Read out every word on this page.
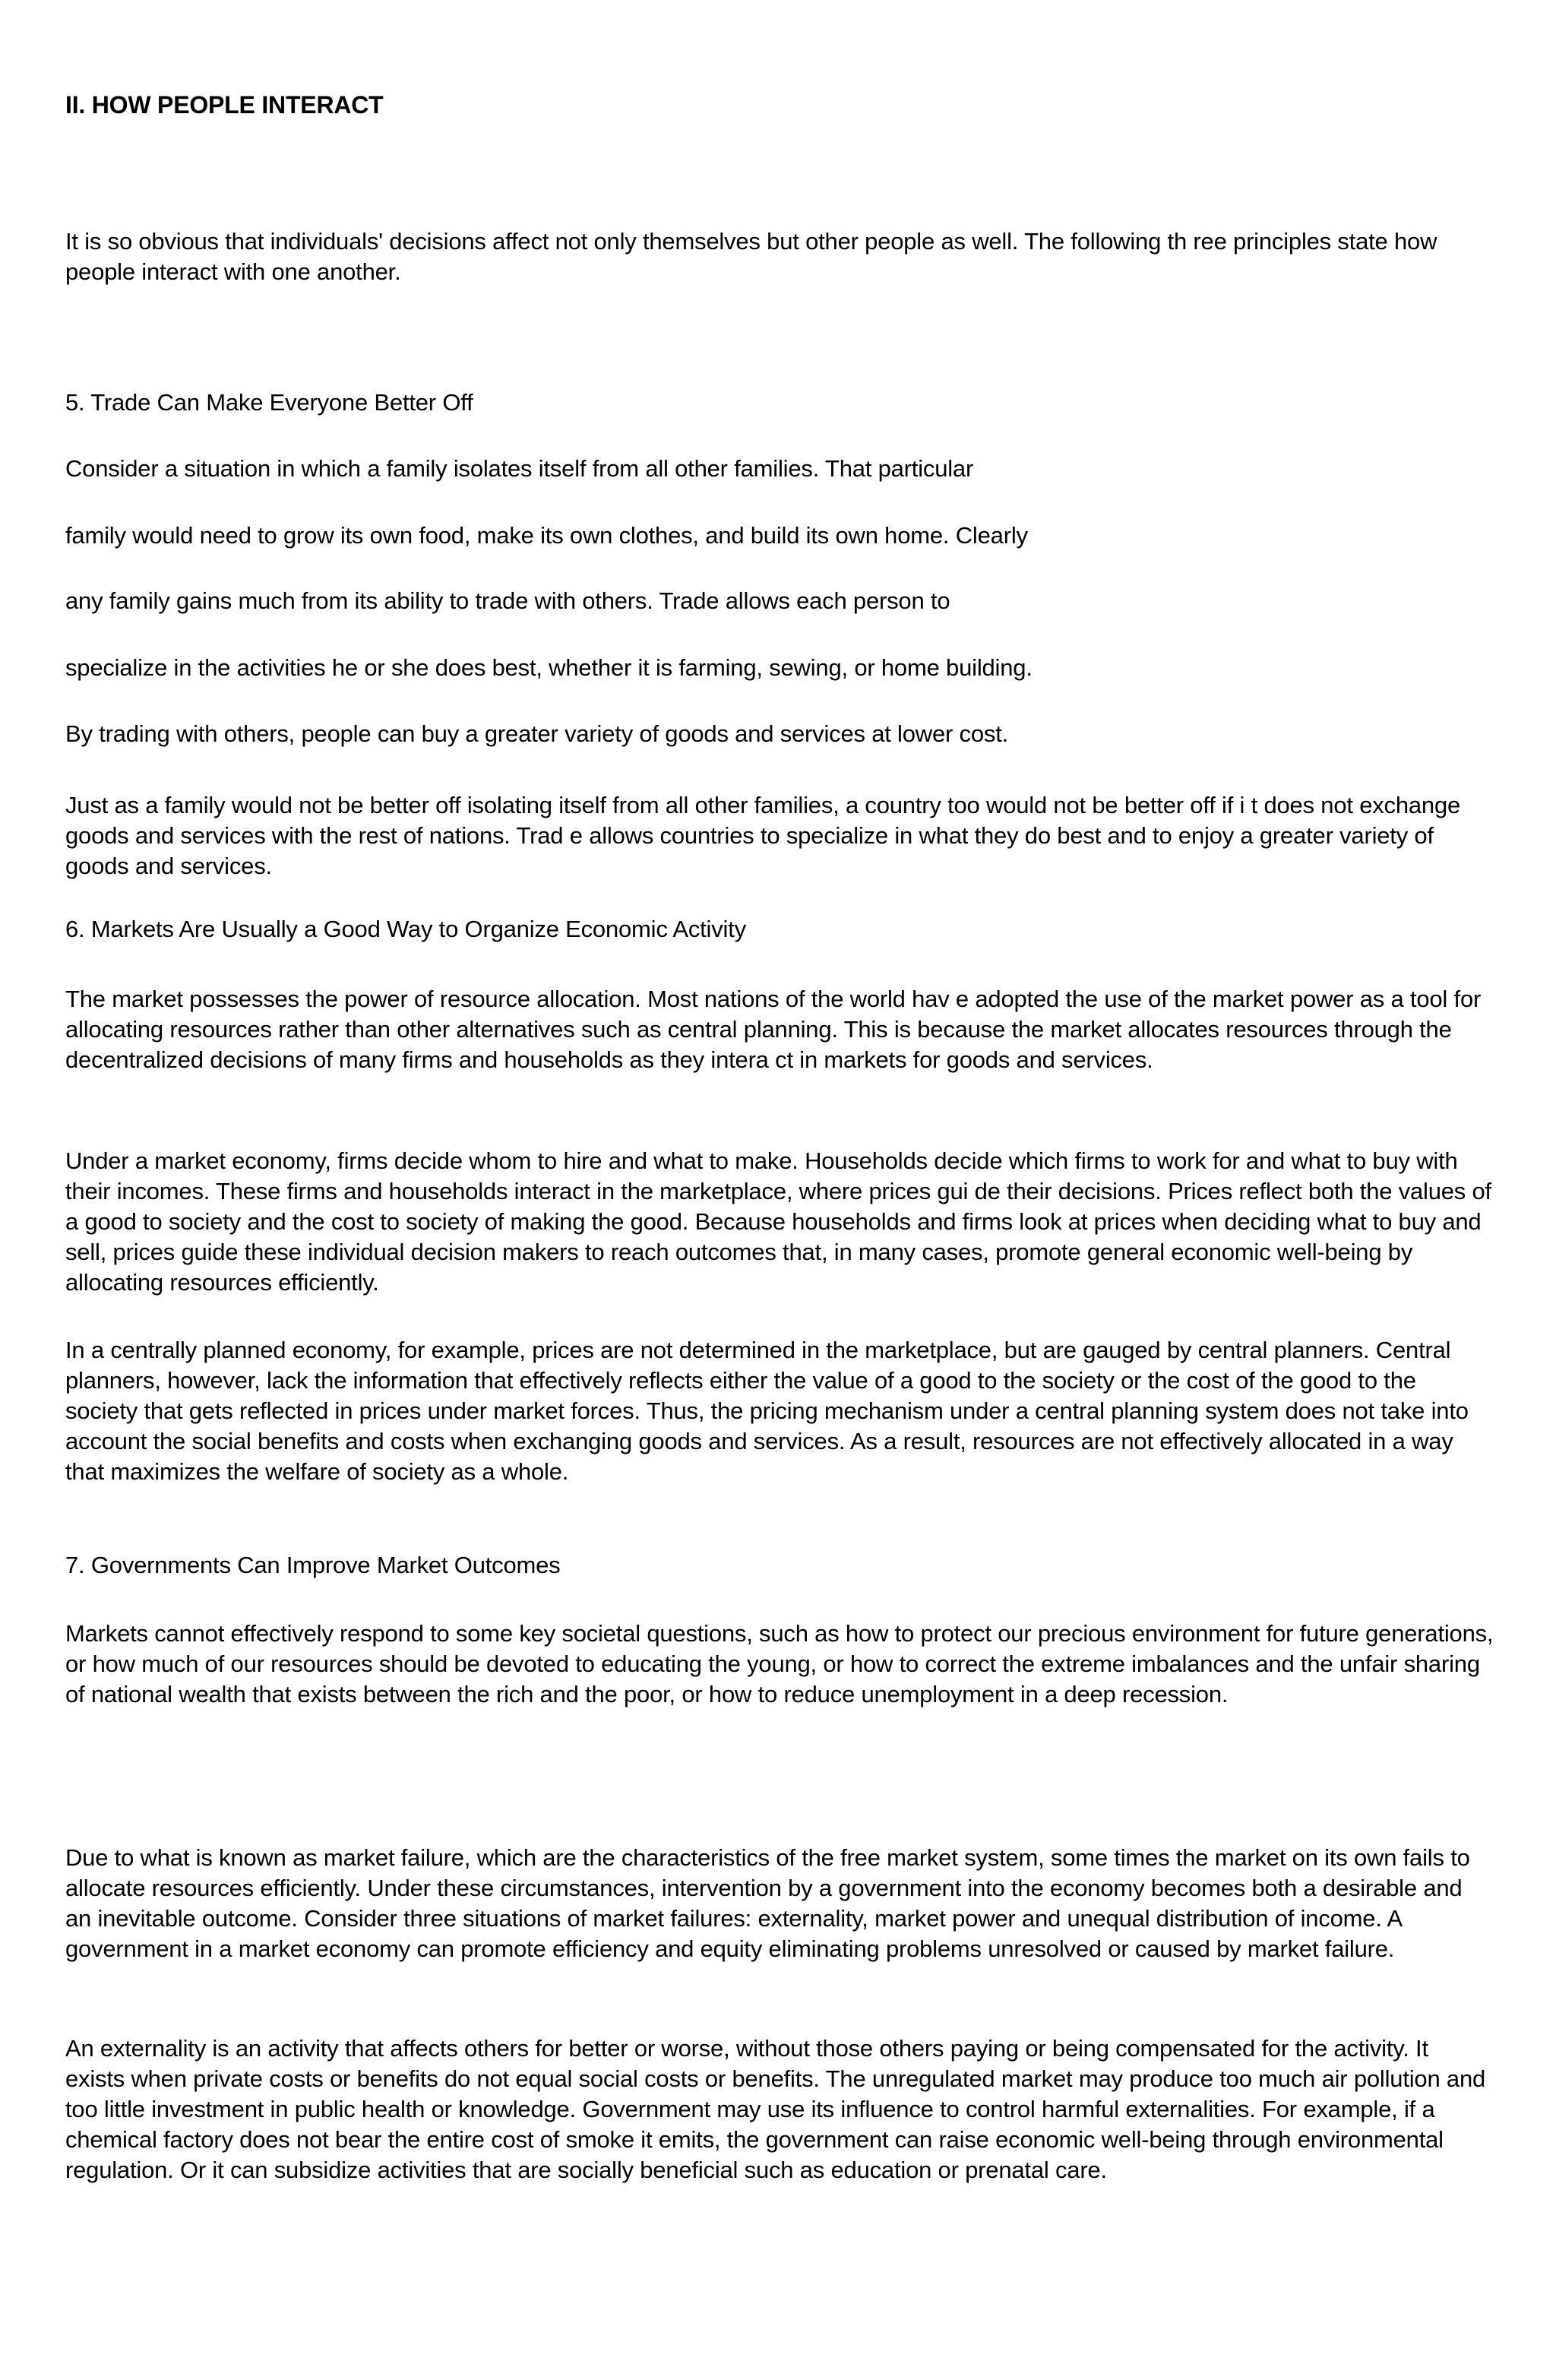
II. HOW PEOPLE INTERACT

It is so obvious that individuals' decisions affect not only themselves but other people as well. The following th ree principles state how people interact with one another.

5. Trade Can Make Everyone Better Off

Consider a situation in which a family isolates itself from all other families. That particular

family would need to grow its own food, make its own clothes, and build its own home. Clearly

any family gains much from its ability to trade with others. Trade allows each person to

specialize in the activities he or she does best, whether it is farming, sewing, or home building.

By trading with others, people can buy a greater variety of goods and services at lower cost.

Just as a family would not be better off isolating itself from all other families, a country too would not be better off if i t does not exchange goods and services with the rest of nations. Trad e allows countries to specialize in what they do best and to enjoy a greater variety of goods and services.

6. Markets Are Usually a Good Way to Organize Economic Activity

The market possesses the power of resource allocation. Most nations of the world hav e adopted the use of the market power as a tool for allocating resources rather than other alternatives such as central planning. This is because the market allocates resources through the decentralized decisions of many firms and households as they intera ct in markets for goods and services.

Under a market economy, firms decide whom to hire and what to make. Households decide which firms to work for and what to buy with their incomes. These firms and households interact in the marketplace, where prices gui de their decisions. Prices reflect both the values of a good to society and the cost to society of making the good. Because households and firms look at prices when deciding what to buy and sell, prices guide these individual decision makers to reach outcomes that, in many cases, promote general economic well-being by allocating resources efficiently.

In a centrally planned economy, for example, prices are not determined in the marketplace, but are gauged by central planners. Central planners, however, lack the information that effectively reflects either the value of a good to the society or the cost of the good to the society that gets reflected in prices under market forces. Thus, the pricing mechanism under a central planning system does not take into account the social benefits and costs when exchanging goods and services. As a result, resources are not effectively allocated in a way that maximizes the welfare of society as a whole.

7. Governments Can Improve Market Outcomes

Markets cannot effectively respond to some key societal questions, such as how to protect our precious environment for future generations, or how much of our resources should be devoted to educating the young, or how to correct the extreme imbalances and the unfair sharing of national wealth that exists between the rich and the poor, or how to reduce unemployment in a deep recession.

Due to what is known as market failure, which are the characteristics of the free market system, some times the market on its own fails to allocate resources efficiently. Under these circumstances, intervention by a government into the economy becomes both a desirable and an inevitable outcome. Consider three situations of market failures: externality, market power and unequal distribution of income. A government in a market economy can promote efficiency and equity eliminating problems unresolved or caused by market failure.

An externality is an activity that affects others for better or worse, without those others paying or being compensated for the activity. It exists when private costs or benefits do not equal social costs or benefits. The unregulated market may produce too much air pollution and too little investment in public health or knowledge. Government may use its influence to control harmful externalities. For example, if a chemical factory does not bear the entire cost of smoke it emits, the government can raise economic well-being through environmental regulation. Or it can subsidize activities that are socially beneficial such as education or prenatal care.
